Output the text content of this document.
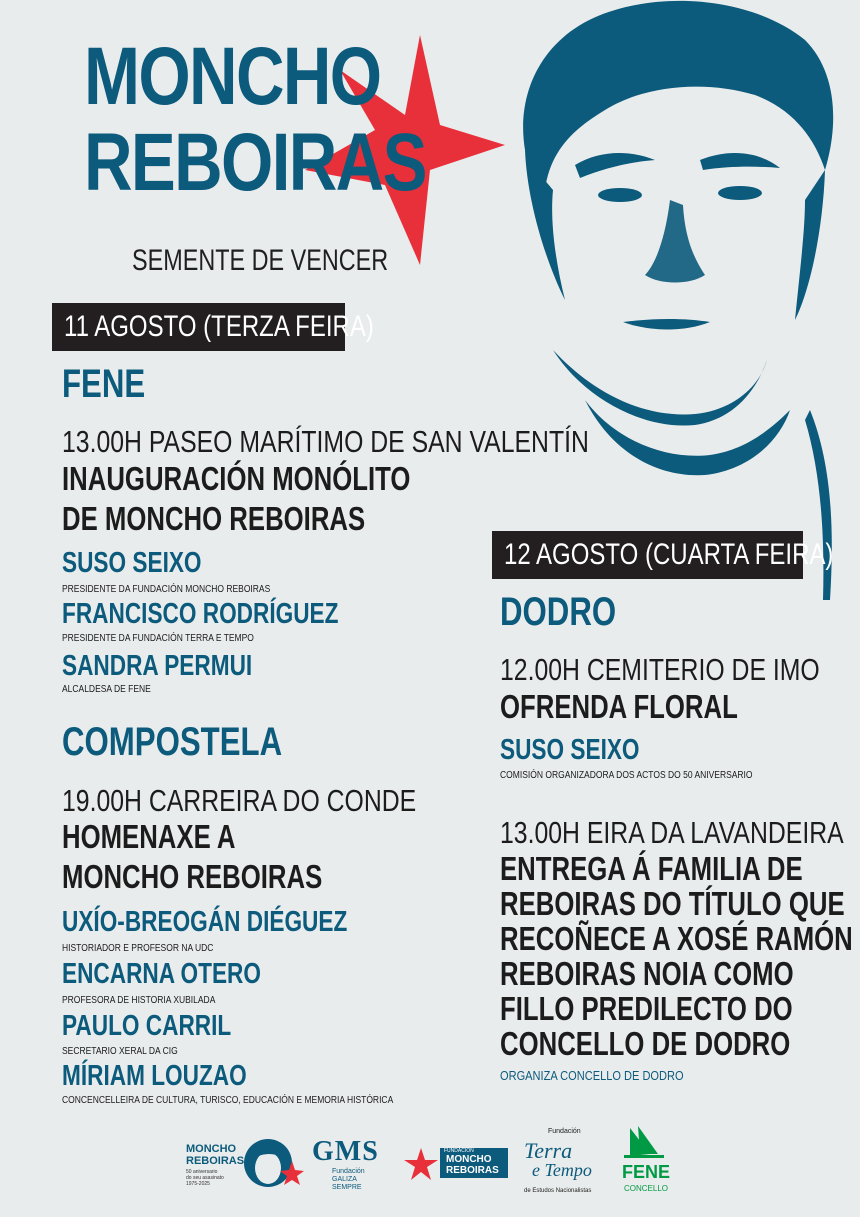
MONCHO
REBOIRAS
SEMENTE DE VENCER
11 AGOSTO (TERZA FEIRA)
FENE
13.00H PASEO MARÍTIMO DE SAN VALENTÍN
INAUGURACIÓN MONÓLITO
DE MONCHO REBOIRAS
SUSO SEIXO
PRESIDENTE DA FUNDACIÓN MONCHO REBOIRAS
FRANCISCO RODRÍGUEZ
PRESIDENTE DA FUNDACIÓN TERRA E TEMPO
SANDRA PERMUI
ALCALDESA DE FENE
COMPOSTELA
19.00H CARREIRA DO CONDE
HOMENAXE A
MONCHO REBOIRAS
UXÍO-BREOGÁN DIÉGUEZ
HISTORIADOR E PROFESOR NA UDC
ENCARNA OTERO
PROFESORA DE HISTORIA XUBILADA
PAULO CARRIL
SECRETARIO XERAL DA CIG
MÍRIAM LOUZAO
CONCENCELLEIRA DE CULTURA, TURISCO, EDUCACIÓN E MEMORIA HISTÓRICA
12 AGOSTO (CUARTA FEIRA)
DODRO
12.00H CEMITERIO DE IMO
OFRENDA FLORAL
SUSO SEIXO
COMISIÓN ORGANIZADORA DOS ACTOS DO 50 ANIVERSARIO
13.00H EIRA DA LAVANDEIRA
ENTREGA Á FAMILIA DE
REBOIRAS DO TÍTULO QUE
RECOÑECE A XOSÉ RAMÓN
REBOIRAS NOIA COMO
FILLO PREDILECTO DO
CONCELLO DE DODRO
ORGANIZA CONCELLO DE DODRO
MONCHO
REBOIRAS
50 aniversario
do seu asasinato
1975-2025
GMS
Fundación
GALIZA
SEMPRE
FUNDACIÓN
MONCHO
REBOIRAS
Fundación
Terra
e Tempo
de Estudos Nacionalistas
FENE
CONCELLO
